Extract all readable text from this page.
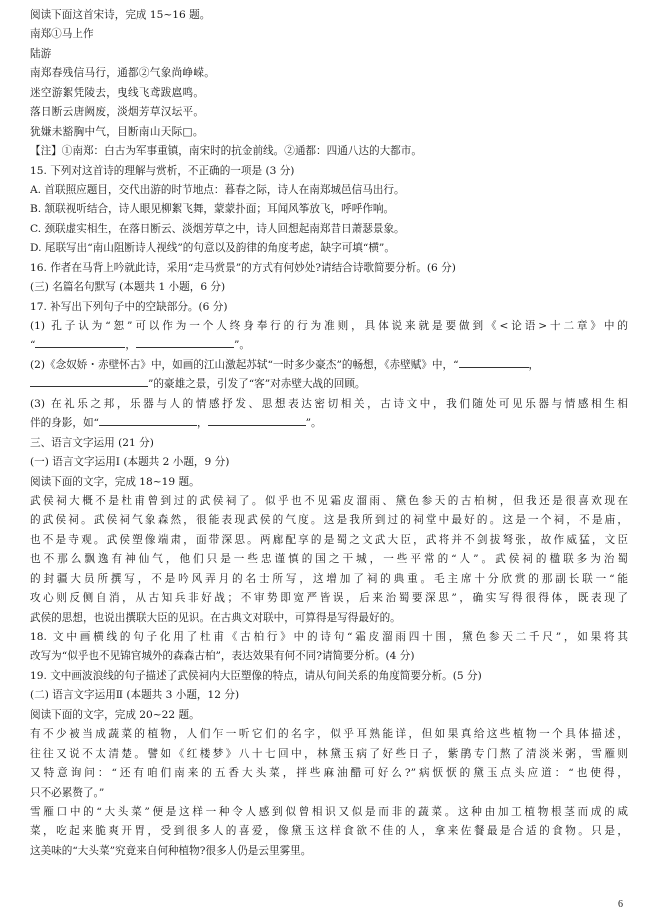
阅读下面这首宋诗，完成 15~16 题。
南郑①马上作
陆游
南郑春残信马行，通都②气象尚峥嵘。
迷空游絮凭陵去，曳线飞鸢跋扈鸣。
落日断云唐阙废，淡烟芳草汉坛平。
犹嫌未豁胸中气，目断南山天际□。
【注】①南郑：白古为军事重镇，南宋时的抗金前线。②通都：四通八达的大都市。
15. 下列对这首诗的理解与赏析，不正确的一项是 (3 分)
A. 首联照应题目，交代出游的时节地点：暮春之际，诗人在南郑城邑信马出行。
B. 颔联视听结合，诗人眼见柳絮飞舞，蒙蒙扑面；耳闻风筝放飞，呼呼作响。
C. 颈联虚实相生，在落日断云、淡烟芳草之中，诗人回想起南郑昔日萧瑟景象。
D. 尾联写出“南山阻断诗人视线”的句意以及韵律的角度考虑，缺字可填“横”。
16. 作者在马背上吟就此诗，采用“走马赏景”的方式有何妙处?请结合诗歌简要分析。(6 分)
(三) 名篇名句默写 (本题共 1 小题，6 分)
17. 补写出下列句子中的空缺部分。(6 分)
(1) 孔子认为“恕”可以作为一个人终身奉行的行为准则，具体说来就是要做到《<论语>十二章》中的
“	，	”。
(2)《念奴娇・赤壁怀古》中，如画的江山激起苏轼“一时多少豪杰”的畅想，《赤壁赋》中，“	，
”的豪雄之景，引发了“客”对赤壁大战的回顾。
(3) 在礼乐之邦，乐器与人的情感抒发、思想表达密切相关，古诗文中，我们随处可见乐器与情感相生相
伴的身影，如“	，	”。
三、语言文字运用 (21 分)
(一) 语言文字运用Ⅰ (本题共 2 小题，9 分)
阅读下面的文字，完成 18~19 题。
武侯祠大概不是杜甫曾到过的武侯祠了。似乎也不见霜皮溜雨、黛色参天的古柏树，但我还是很喜欢现在
的武侯祠。武侯祠气象森然，很能表现武侯的气度。这是我所到过的祠堂中最好的。这是一个祠，不是庙，
也不是寺观。武侯塑像端肃，面带深思。两廊配享的是蜀之文武大臣，武将并不剑拔弩张，故作威猛，文臣
也不那么飘逸有神仙气，他们只是一些忠谨慎的国之干城，一些平常的“人”。武侯祠的楹联多为治蜀
的封疆大员所撰写，不是吟风弄月的名士所写，这增加了祠的典重。毛主席十分欣赏的那副长联一“能
攻心则反侧自消，从古知兵非好战；不审势即宽严皆误，后来治蜀要深思”，确实写得很得体，既表现了
武侯的思想，也说出撰联大臣的见识。在古典文对联中，可算得是写得最好的。
18. 文中画横线的句子化用了杜甫《古柏行》中的诗句“霜皮溜雨四十围，黛色参天二千尺”，如果将其
改写为“似乎也不见锦官城外的森森古柏”，表达效果有何不同?请简要分析。(4 分)
19. 文中画波浪线的句子描述了武侯祠内大臣塑像的特点，请从句间关系的角度简要分析。(5 分)
(二) 语言文字运用Ⅱ (本题共 3 小题，12 分)
阅读下面的文字，完成 20~22 题。
有不少被当成蔬菜的植物，人们乍一听它们的名字，似乎耳熟能详，但如果真给这些植物一个具体描述，
往往又说不太清楚。譬如《红楼梦》八十七回中，林黛玉病了好些日子，紫鹃专门熬了清淡米粥，雪雁则
又特意询问：“还有咱们南来的五香大头菜，拌些麻油醋可好么?”病恹恹的黛玉点头应道：“也使得，
只不必累赘了。”
雪雁口中的“大头菜”便是这样一种令人感到似曾相识又似是而非的蔬菜。这种由加工植物根茎而成的咸
菜，吃起来脆爽开胃，受到很多人的喜爱，像黛玉这样食欲不佳的人，拿来佐餐最是合适的食物。只是，
这美味的“大头菜”究竟来自何种植物?很多人仍是云里雾里。
6
